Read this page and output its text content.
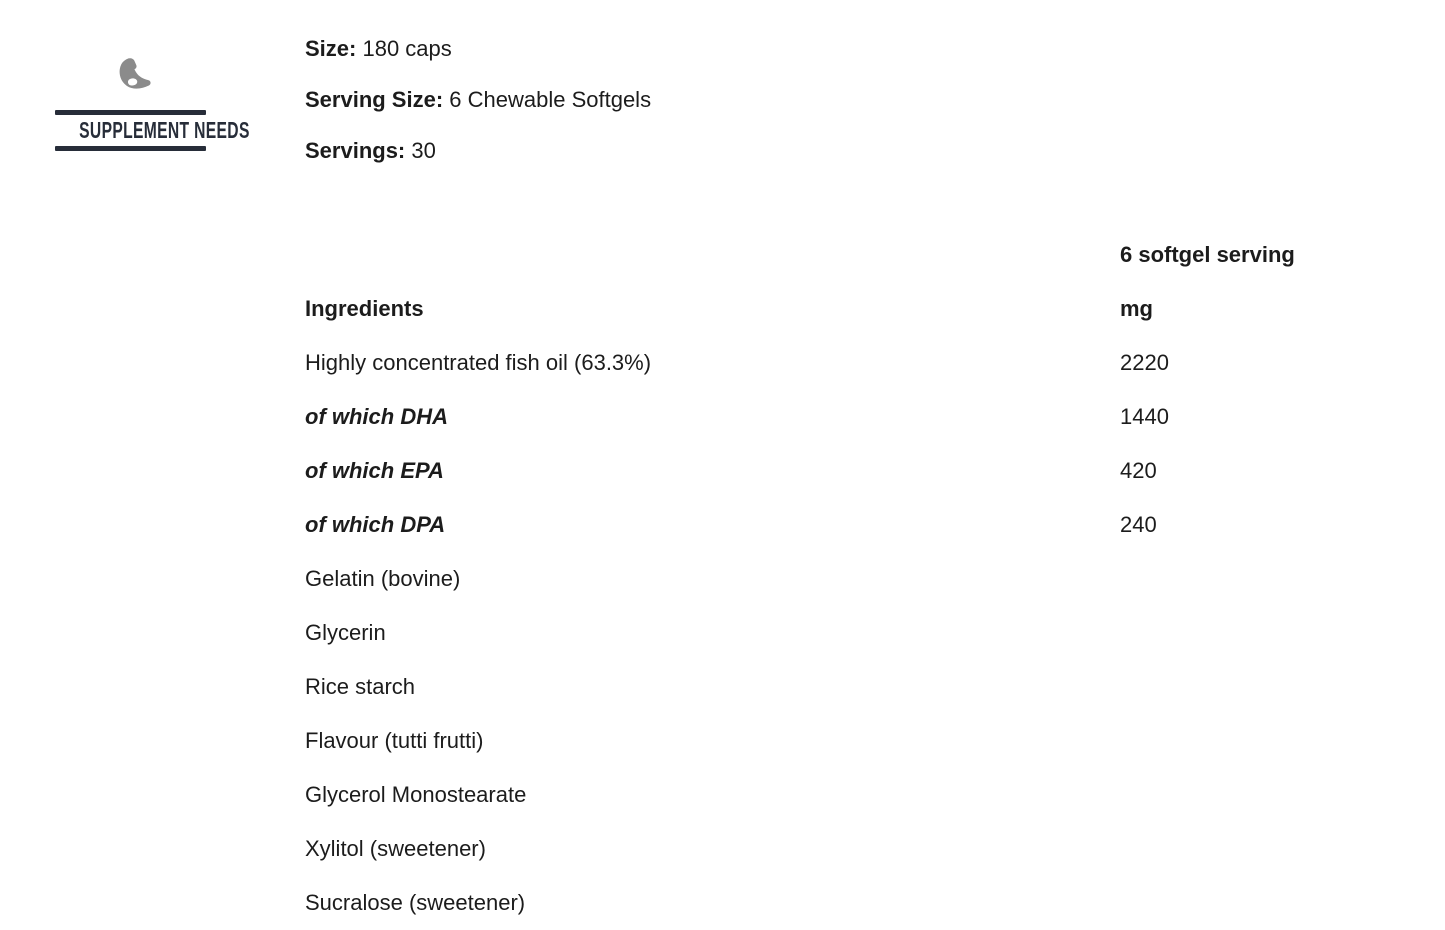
SUPPLEMENT NEEDS

Size: 180 caps

Serving Size: 6 Chewable Softgels

Servings: 30

6 softgel serving
Ingredients	mg
Highly concentrated fish oil (63.3%)	2220
of which DHA	1440
of which EPA	420
of which DPA	240
Gelatin (bovine)
Glycerin
Rice starch
Flavour (tutti frutti)
Glycerol Monostearate
Xylitol (sweetener)
Sucralose (sweetener)
